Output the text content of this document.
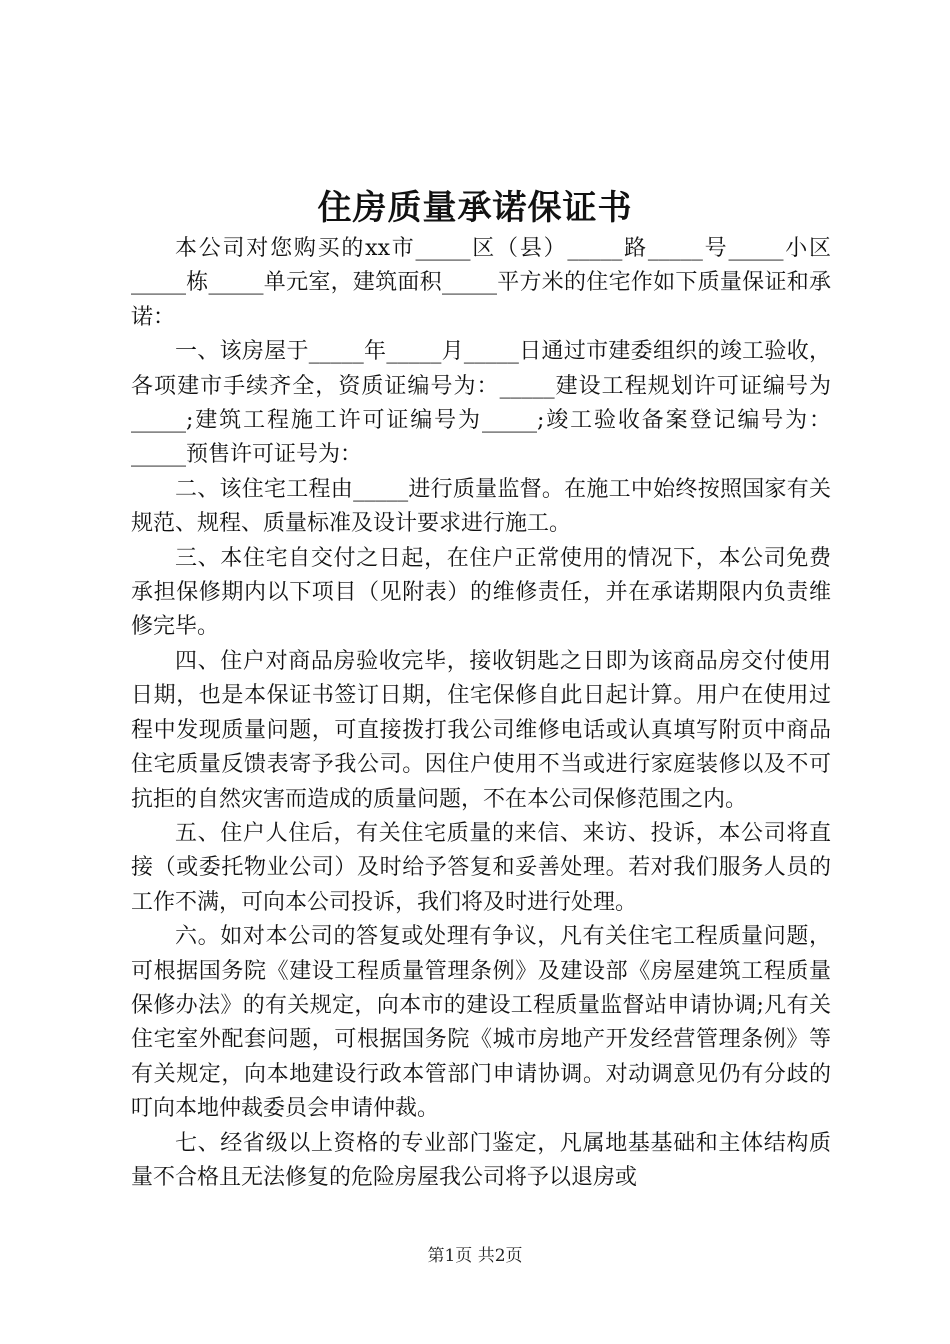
住房质量承诺保证书

本公司对您购买的xx市_____区（县）_____路_____号_____小区_____栋_____单元室，建筑面积_____平方米的住宅作如下质量保证和承诺：

一、该房屋于_____年_____月_____日通过市建委组织的竣工验收，各项建市手续齐全，资质证编号为：_____建设工程规划许可证编号为_____;建筑工程施工许可证编号为_____;竣工验收备案登记编号为：_____预售许可证号为：

二、该住宅工程由_____进行质量监督。在施工中始终按照国家有关规范、规程、质量标准及设计要求进行施工。

三、本住宅自交付之日起，在住户正常使用的情况下，本公司免费承担保修期内以下项目（见附表）的维修责任，并在承诺期限内负责维修完毕。

四、住户对商品房验收完毕，接收钥匙之日即为该商品房交付使用日期，也是本保证书签订日期，住宅保修自此日起计算。用户在使用过程中发现质量问题，可直接拨打我公司维修电话或认真填写附页中商品住宅质量反馈表寄予我公司。因住户使用不当或进行家庭装修以及不可抗拒的自然灾害而造成的质量问题，不在本公司保修范围之内。

五、住户人住后，有关住宅质量的来信、来访、投诉，本公司将直接（或委托物业公司）及时给予答复和妥善处理。若对我们服务人员的工作不满，可向本公司投诉，我们将及时进行处理。

六。如对本公司的答复或处理有争议，凡有关住宅工程质量问题，可根据国务院《建设工程质量管理条例》及建设部《房屋建筑工程质量保修办法》的有关规定，向本市的建设工程质量监督站申请协调;凡有关住宅室外配套问题，可根据国务院《城市房地产开发经营管理条例》等有关规定，向本地建设行政本管部门申请协调。对动调意见仍有分歧的叮向本地仲裁委员会申请仲裁。

七、经省级以上资格的专业部门鉴定，凡属地基基础和主体结构质量不合格且无法修复的危险房屋我公司将予以退房或

第1页 共2页
